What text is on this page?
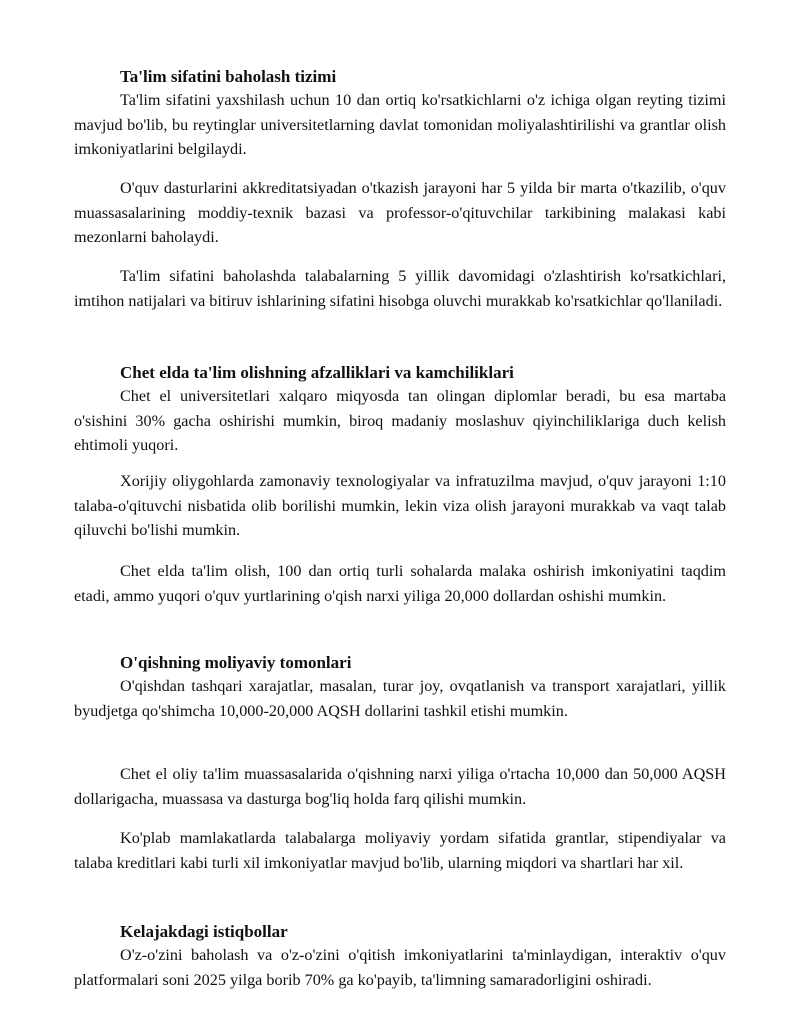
Ta'lim sifatini baholash tizimi

Ta'lim sifatini yaxshilash uchun 10 dan ortiq ko'rsatkichlarni o'z ichiga olgan reyting tizimi mavjud bo'lib, bu reytinglar universitetlarning davlat tomonidan moliyalashtirilishi va grantlar olish imkoniyatlarini belgilaydi.

O'quv dasturlarini akkreditatsiyadan o'tkazish jarayoni har 5 yilda bir marta o'tkazilib, o'quv muassasalarining moddiy-texnik bazasi va professor-o'qituvchilar tarkibining malakasi kabi mezonlarni baholaydi.

Ta'lim sifatini baholashda talabalarning 5 yillik davomidagi o'zlashtirish ko'rsatkichlari, imtihon natijalari va bitiruv ishlarining sifatini hisobga oluvchi murakkab ko'rsatkichlar qo'llaniladi.

Chet elda ta'lim olishning afzalliklari va kamchiliklari

Chet el universitetlari xalqaro miqyosda tan olingan diplomlar beradi, bu esa martaba o'sishini 30% gacha oshirishi mumkin, biroq madaniy moslashuv qiyinchiliklariga duch kelish ehtimoli yuqori.

Xorijiy oliygohlarda zamonaviy texnologiyalar va infratuzilma mavjud, o'quv jarayoni 1:10 talaba-o'qituvchi nisbatida olib borilishi mumkin, lekin viza olish jarayoni murakkab va vaqt talab qiluvchi bo'lishi mumkin.

Chet elda ta'lim olish, 100 dan ortiq turli sohalarda malaka oshirish imkoniyatini taqdim etadi, ammo yuqori o'quv yurtlarining o'qish narxi yiliga 20,000 dollardan oshishi mumkin.

O'qishning moliyaviy tomonlari

O'qishdan tashqari xarajatlar, masalan, turar joy, ovqatlanish va transport xarajatlari, yillik byudjetga qo'shimcha 10,000-20,000 AQSH dollarini tashkil etishi mumkin.

Chet el oliy ta'lim muassasalarida o'qishning narxi yiliga o'rtacha 10,000 dan 50,000 AQSH dollarigacha, muassasa va dasturga bog'liq holda farq qilishi mumkin.

Ko'plab mamlakatlarda talabalarga moliyaviy yordam sifatida grantlar, stipendiyalar va talaba kreditlari kabi turli xil imkoniyatlar mavjud bo'lib, ularning miqdori va shartlari har xil.

Kelajakdagi istiqbollar

O'z-o'zini baholash va o'z-o'zini o'qitish imkoniyatlarini ta'minlaydigan, interaktiv o'quv platformalari soni 2025 yilga borib 70% ga ko'payib, ta'limning samaradorligini oshiradi.
